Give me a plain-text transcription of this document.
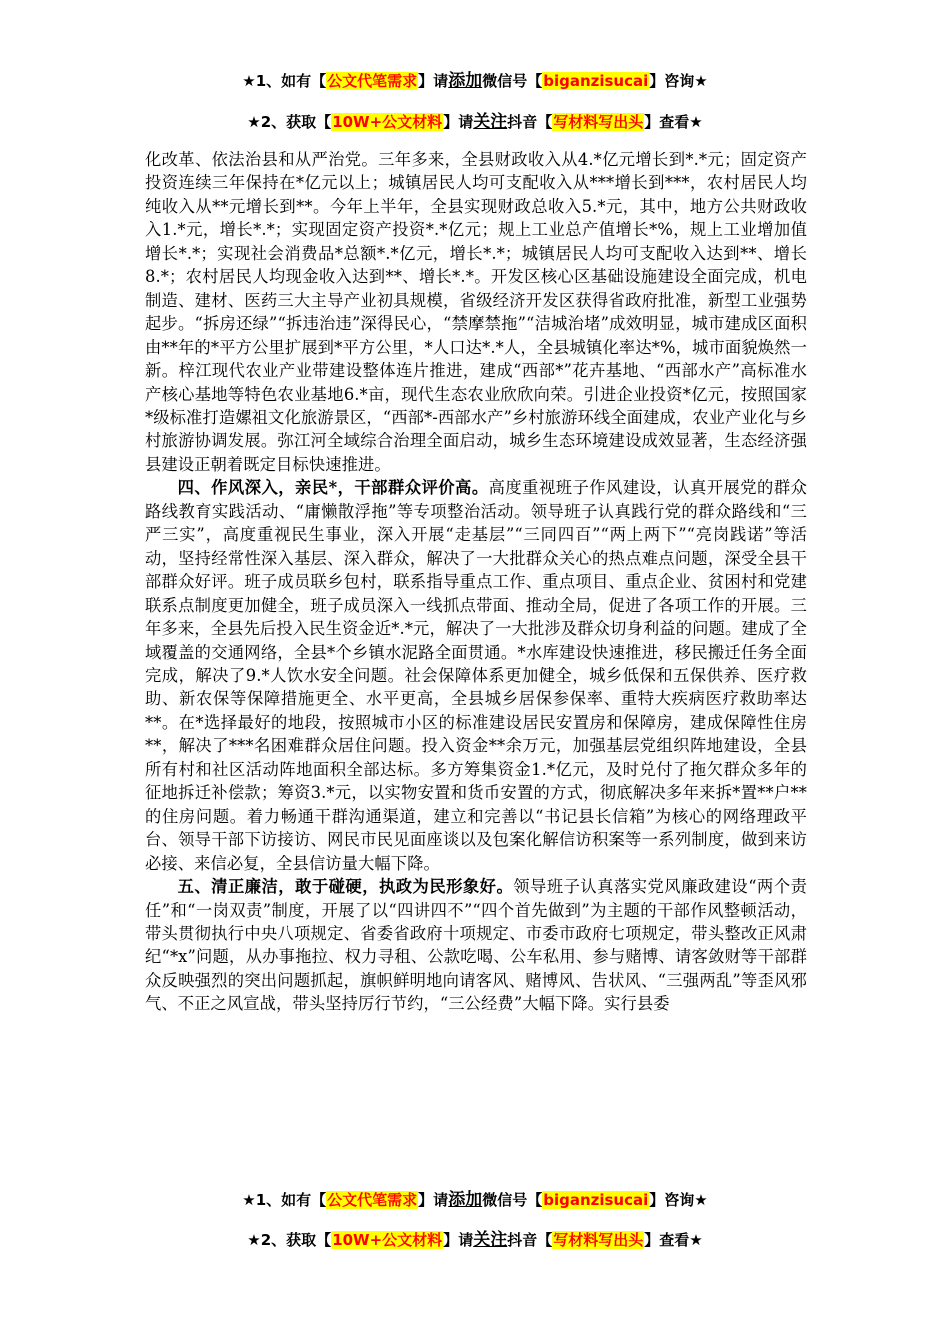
★1、如有【公文代笔需求】请添加微信号【biganzisucai】咨询★
★2、获取【10W+公文材料】请关注抖音【写材料写出头】查看★

化改革、依法治县和从严治党。三年多来，全县财政收入从4.*亿元增长到*.*元；固定资产投资连续三年保持在*亿元以上；城镇居民人均可支配收入从***增长到***，农村居民人均纯收入从**元增长到**。今年上半年，全县实现财政总收入5.*元，其中，地方公共财政收入1.*元，增长*.*；实现固定资产投资*.*亿元；规上工业总产值增长*%，规上工业增加值增长*.*；实现社会消费品*总额*.*亿元，增长*.*；城镇居民人均可支配收入达到**、增长8.*；农村居民人均现金收入达到**、增长*.*。开发区核心区基础设施建设全面完成，机电制造、建材、医药三大主导产业初具规模，省级经济开发区获得省政府批准，新型工业强势起步。“拆房还绿”“拆违治违”深得民心，“禁摩禁拖”“洁城治堵”成效明显，城市建成区面积由**年的*平方公里扩展到*平方公里，*人口达*.*人，全县城镇化率达*%，城市面貌焕然一新。梓江现代农业产业带建设整体连片推进，建成“西部*”花卉基地、“西部水产”高标准水产核心基地等特色农业基地6.*亩，现代生态农业欣欣向荣。引进企业投资*亿元，按照国家*级标准打造嫘祖文化旅游景区，“西部*-西部水产”乡村旅游环线全面建成，农业产业化与乡村旅游协调发展。弥江河全域综合治理全面启动，城乡生态环境建设成效显著，生态经济强县建设正朝着既定目标快速推进。

四、作风深入，亲民*，干部群众评价高。高度重视班子作风建设，认真开展党的群众路线教育实践活动、“庸懒散浮拖”等专项整治活动。领导班子认真践行党的群众路线和“三严三实”，高度重视民生事业，深入开展“走基层”“三同四百”“两上两下”“亮岗践诺”等活动，坚持经常性深入基层、深入群众，解决了一大批群众关心的热点难点问题，深受全县干部群众好评。班子成员联乡包村，联系指导重点工作、重点项目、重点企业、贫困村和党建联系点制度更加健全，班子成员深入一线抓点带面、推动全局，促进了各项工作的开展。三年多来，全县先后投入民生资金近*.*元，解决了一大批涉及群众切身利益的问题。建成了全域覆盖的交通网络，全县*个乡镇水泥路全面贯通。*水库建设快速推进，移民搬迁任务全面完成，解决了9.*人饮水安全问题。社会保障体系更加健全，城乡低保和五保供养、医疗救助、新农保等保障措施更全、水平更高，全县城乡居保参保率、重特大疾病医疗救助率达**。在*选择最好的地段，按照城市小区的标准建设居民安置房和保障房，建成保障性住房**，解决了***名困难群众居住问题。投入资金**余万元，加强基层党组织阵地建设，全县所有村和社区活动阵地面积全部达标。多方筹集资金1.*亿元，及时兑付了拖欠群众多年的征地拆迁补偿款；筹资3.*元，以实物安置和货币安置的方式，彻底解决多年来拆*置**户**的住房问题。着力畅通干群沟通渠道，建立和完善以“书记县长信箱”为核心的网络理政平台、领导干部下访接访、网民市民见面座谈以及包案化解信访积案等一系列制度，做到来访必接、来信必复，全县信访量大幅下降。

五、清正廉洁，敢于碰硬，执政为民形象好。领导班子认真落实党风廉政建设“两个责任”和“一岗双责”制度，开展了以“四讲四不”“四个首先做到”为主题的干部作风整顿活动，带头贯彻执行中央八项规定、省委省政府十项规定、市委市政府七项规定，带头整改正风肃纪“*x”问题，从办事拖拉、权力寻租、公款吃喝、公车私用、参与赌博、请客敛财等干部群众反映强烈的突出问题抓起，旗帜鲜明地向请客风、赌博风、告状风、“三强两乱”等歪风邪气、不正之风宣战，带头坚持厉行节约，“三公经费”大幅下降。实行县委

★1、如有【公文代笔需求】请添加微信号【biganzisucai】咨询★
★2、获取【10W+公文材料】请关注抖音【写材料写出头】查看★
